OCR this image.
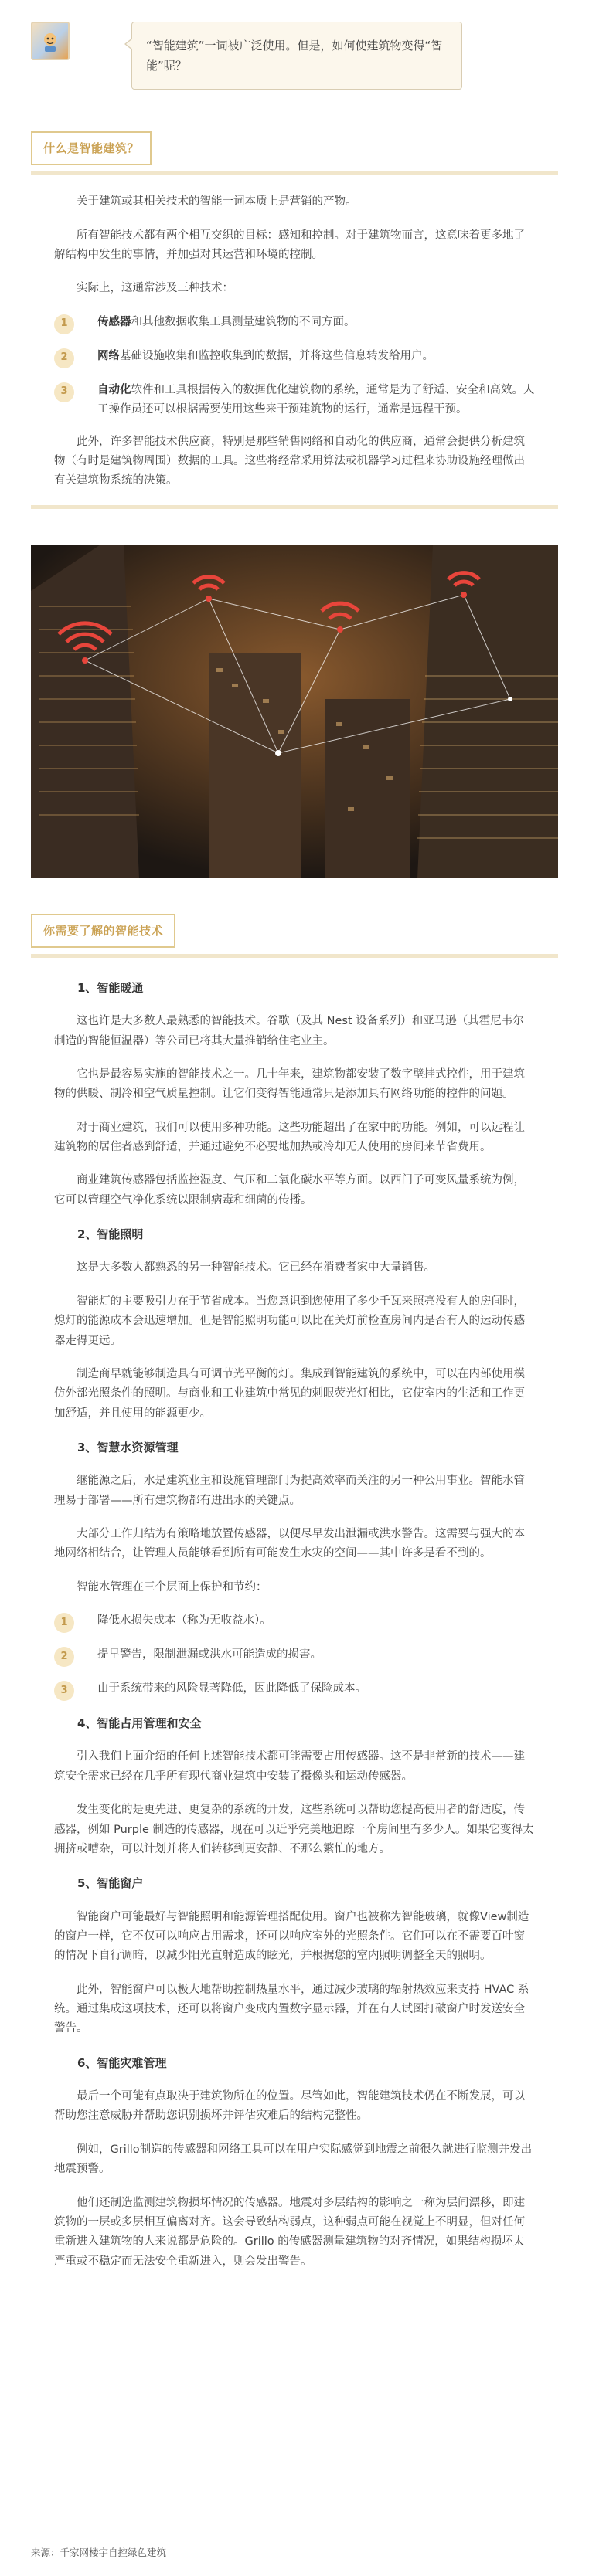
“智能建筑”一词被广泛使用。但是，如何使建筑物变得“智能”呢？
什么是智能建筑？

关于建筑或其相关技术的智能一词本质上是营销的产物。

所有智能技术都有两个相互交织的目标：感知和控制。对于建筑物而言，这意味着更多地了解结构中发生的事情，并加强对其运营和环境的控制。

实际上，这通常涉及三种技术：

1	传感器和其他数据收集工具测量建筑物的不同方面。
2	网络基础设施收集和监控收集到的数据，并将这些信息转发给用户。
3	自动化软件和工具根据传入的数据优化建筑物的系统，通常是为了舒适、安全和高效。人工操作员还可以根据需要使用这些来干预建筑物的运行，通常是远程干预。

此外，许多智能技术供应商，特别是那些销售网络和自动化的供应商，通常会提供分析建筑物（有时是建筑物周围）数据的工具。这些将经常采用算法或机器学习过程来协助设施经理做出有关建筑物系统的决策。

你需要了解的智能技术

1、智能暖通

这也许是大多数人最熟悉的智能技术。谷歌（及其 Nest 设备系列）和亚马逊（其霍尼韦尔制造的智能恒温器）等公司已将其大量推销给住宅业主。

它也是最容易实施的智能技术之一。几十年来，建筑物都安装了数字壁挂式控件，用于建筑物的供暖、制冷和空气质量控制。让它们变得智能通常只是添加具有网络功能的控件的问题。

对于商业建筑，我们可以使用多种功能。这些功能超出了在家中的功能。例如，可以远程让建筑物的居住者感到舒适，并通过避免不必要地加热或冷却无人使用的房间来节省费用。

商业建筑传感器包括监控湿度、气压和二氧化碳水平等方面。以西门子可变风量系统为例，它可以管理空气净化系统以限制病毒和细菌的传播。

2、智能照明

这是大多数人都熟悉的另一种智能技术。它已经在消费者家中大量销售。

智能灯的主要吸引力在于节省成本。当您意识到您使用了多少千瓦来照亮没有人的房间时，熄灯的能源成本会迅速增加。但是智能照明功能可以比在关灯前检查房间内是否有人的运动传感器走得更远。

制造商早就能够制造具有可调节光平衡的灯。集成到智能建筑的系统中，可以在内部使用模仿外部光照条件的照明。与商业和工业建筑中常见的刺眼荧光灯相比，它使室内的生活和工作更加舒适，并且使用的能源更少。

3、智慧水资源管理

继能源之后，水是建筑业主和设施管理部门为提高效率而关注的另一种公用事业。智能水管理易于部署——所有建筑物都有进出水的关键点。

大部分工作归结为有策略地放置传感器，以便尽早发出泄漏或洪水警告。这需要与强大的本地网络相结合，让管理人员能够看到所有可能发生水灾的空间——其中许多是看不到的。

智能水管理在三个层面上保护和节约：

1	降低水损失成本（称为无收益水）。
2	提早警告，限制泄漏或洪水可能造成的损害。
3	由于系统带来的风险显著降低，因此降低了保险成本。

4、智能占用管理和安全

引入我们上面介绍的任何上述智能技术都可能需要占用传感器。这不是非常新的技术——建筑安全需求已经在几乎所有现代商业建筑中安装了摄像头和运动传感器。

发生变化的是更先进、更复杂的系统的开发，这些系统可以帮助您提高使用者的舒适度，传感器，例如 Purple 制造的传感器，现在可以近乎完美地追踪一个房间里有多少人。如果它变得太拥挤或嘈杂，可以计划并将人们转移到更安静、不那么繁忙的地方。

5、智能窗户

智能窗户可能最好与智能照明和能源管理搭配使用。窗户也被称为智能玻璃，就像View制造的窗户一样，它不仅可以响应占用需求，还可以响应室外的光照条件。它们可以在不需要百叶窗的情况下自行调暗，以减少阳光直射造成的眩光，并根据您的室内照明调整全天的照明。

此外，智能窗户可以极大地帮助控制热量水平，通过减少玻璃的辐射热效应来支持 HVAC 系统。通过集成这项技术，还可以将窗户变成内置数字显示器，并在有人试图打破窗户时发送安全警告。

6、智能灾难管理

最后一个可能有点取决于建筑物所在的位置。尽管如此，智能建筑技术仍在不断发展，可以帮助您注意威胁并帮助您识别损坏并评估灾难后的结构完整性。

例如，Grillo制造的传感器和网络工具可以在用户实际感觉到地震之前很久就进行监测并发出地震预警。

他们还制造监测建筑物损坏情况的传感器。地震对多层结构的影响之一称为层间漂移，即建筑物的一层或多层相互偏离对齐。这会导致结构弱点，这种弱点可能在视觉上不明显，但对任何重新进入建筑物的人来说都是危险的。Grillo 的传感器测量建筑物的对齐情况，如果结构损坏太严重或不稳定而无法安全重新进入，则会发出警告。

来源：千家网楼宇自控绿色建筑
